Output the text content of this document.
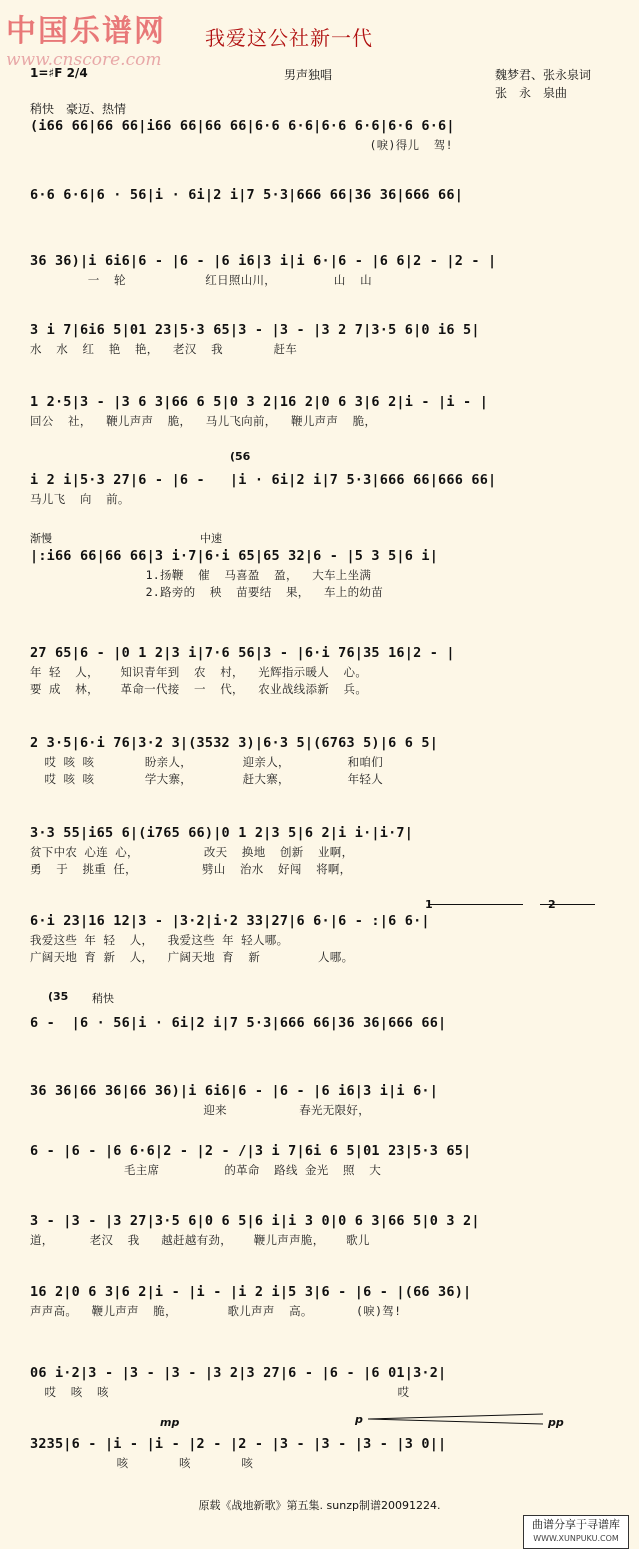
中国乐谱网
www.cnscore.com
我爱这公社新一代
1=♯F 2/4	男声独唱	魏梦君、张永泉词
张　永　泉曲
稍快　豪迈、热情
(56
渐慢	中速
(35 稍快
1	2
mp	p	pp
(i66 66|66 66|i66 66|66 66|6·6 6·6|6·6 6·6|6·6 6·6|
(唳)得儿  驾!
6·6 6·6|6 · 56|i · 6i|2 i|7 5·3|666 66|36 36|666 66|
36 36)|i 6i6|6 - |6 - |6 i6|3 i|i 6·|6 - |6 6|2 - |2 - |
一  轮           红日照山川，        山  山
3 i 7|6i6 5|01 23|5·3 65|3 - |3 - |3 2 7|3·5 6|0 i6 5|
水  水  红  艳  艳，  老汉  我       赶车
1 2·5|3 - |3 6 3|66 6 5|0 3 2|16 2|0 6 3|6 2|i - |i - |
回公  社，  鞭儿声声  脆，  马儿飞向前，  鞭儿声声  脆，
i 2 i|5·3 27|6 - |6 -   |i · 6i|2 i|7 5·3|666 66|666 66|
马儿飞  向  前。
|:i66 66|66 66|3 i·7|6·i 65|65 32|6 - |5 3 5|6 i|
1.扬鞭  催  马喜盈  盈，  大车上坐满
2.路旁的  秧  苗要结  果，  车上的幼苗
27 65|6 - |0 1 2|3 i|7·6 56|3 - |6·i 76|35 16|2 - |
年 轻  人，   知识青年到  农  村，  光辉指示暖人  心。
要 成  林，   革命一代接  一  代，  农业战线添新  兵。
2 3·5|6·i 76|3·2 3|(3532 3)|6·3 5|(6763 5)|6 6 5|
哎 咳 咳       盼亲人，       迎亲人，        和咱们
哎 咳 咳       学大寨，       赶大寨，        年轻人
3·3 55|i65 6|(i765 66)|0 1 2|3 5|6 2|i i·|i·7|
贫下中农 心连 心，         改天  换地  创新  业啊，
勇  于  挑重 任，         劈山  治水  好闯  将啊，
6·i 23|16 12|3 - |3·2|i·2 33|27|6 6·|6 - :|6 6·|
我爱这些 年 轻  人，  我爱这些 年 轻人哪。
广阔天地 育 新  人，  广阔天地 育  新        人哪。
6 -  |6 · 56|i · 6i|2 i|7 5·3|666 66|36 36|666 66|
36 36|66 36|66 36)|i 6i6|6 - |6 - |6 i6|3 i|i 6·|
迎来          春光无限好，
6 - |6 - |6 6·6|2 - |2 - /|3 i 7|6i 6 5|01 23|5·3 65|
毛主席         的革命  路线 金光  照  大
3 - |3 - |3 27|3·5 6|0 6 5|6 i|i 3 0|0 6 3|66 5|0 3 2|
道，     老汉  我   越赶越有劲，   鞭儿声声脆，   歌儿
16 2|0 6 3|6 2|i - |i - |i 2 i|5 3|6 - |6 - |(66 36)|
声声高。  鞭儿声声  脆，       歌儿声声  高。      (唳)驾!
06 i·2|3 - |3 - |3 - |3 2|3 27|6 - |6 - |6 01|3·2|
哎  咳  咳                                        哎
3235|6 - |i - |i - |2 - |2 - |3 - |3 - |3 - |3 0||
咳       咳       咳
原载《战地新歌》第五集. sunzp制谱20091224.
曲谱分享于寻谱库
WWW.XUNPUKU.COM
